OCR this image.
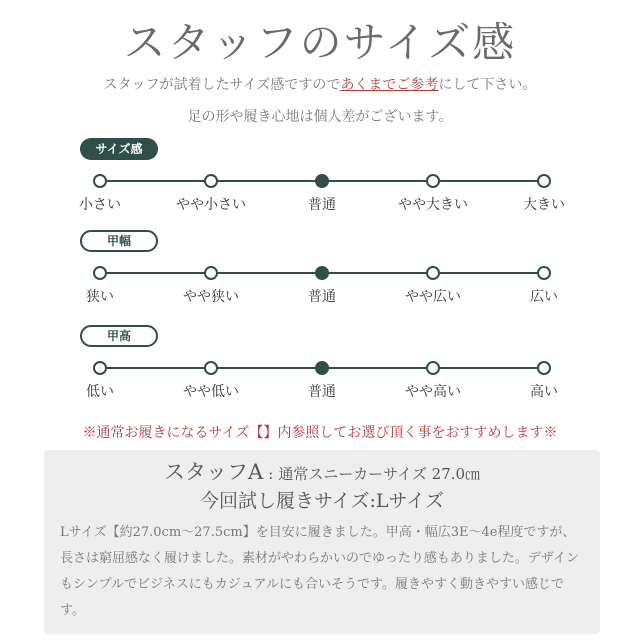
スタッフのサイズ感
スタッフが試着したサイズ感ですのであくまでご参考にして下さい。
足の形や履き心地は個人差がございます。
サイズ感
小さい	やや小さい	普通	やや大きい	大きい
甲幅
狭い	やや狭い	普通	やや広い	広い
甲高
低い	やや低い	普通	やや高い	高い
※通常お履きになるサイズ【】内参照してお選び頂く事をおすすめします※
スタッフA : 通常スニーカーサイズ 27.0㎝
今回試し履きサイズ:Lサイズ
Lサイズ【約27.0cm～27.5cm】を目安に履きました。甲高・幅広3E～4e程度ですが、長さは窮屈感なく履けました。素材がやわらかいのでゆったり感もありました。デザインもシンプルでビジネスにもカジュアルにも合いそうです。履きやすく動きやすい感じです。
